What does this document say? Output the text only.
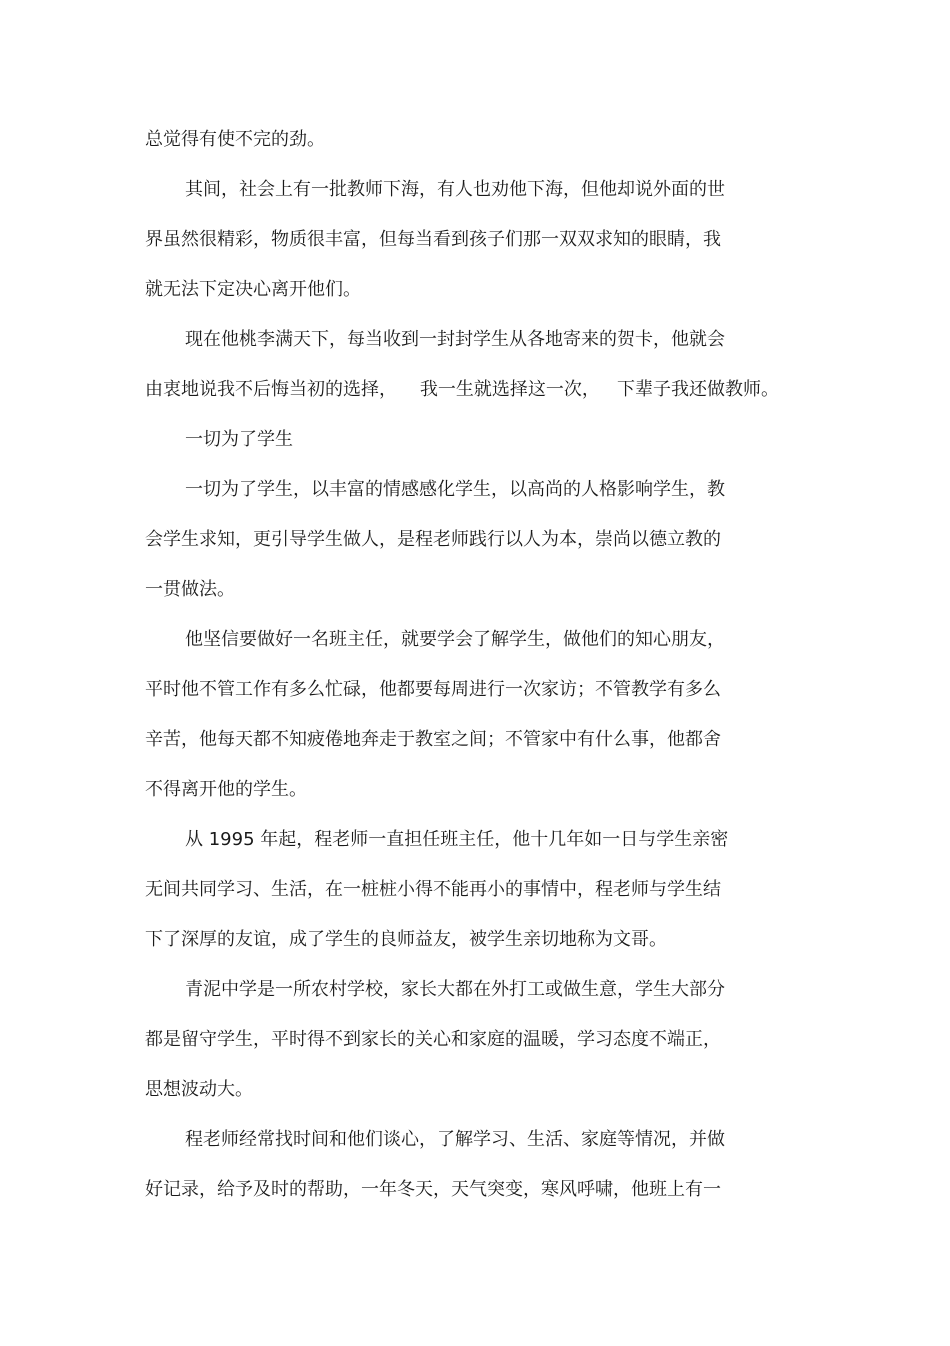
总觉得有使不完的劲。
其间，社会上有一批教师下海，有人也劝他下海，但他却说外面的世
界虽然很精彩，物质很丰富，但每当看到孩子们那一双双求知的眼睛，我
就无法下定决心离开他们。
现在他桃李满天下，每当收到一封封学生从各地寄来的贺卡，他就会
由衷地说我不后悔当初的选择，    我一生就选择这一次，   下辈子我还做教师。
一切为了学生
一切为了学生，以丰富的情感感化学生，以高尚的人格影响学生，教
会学生求知，更引导学生做人，是程老师践行以人为本，崇尚以德立教的
一贯做法。
他坚信要做好一名班主任，就要学会了解学生，做他们的知心朋友，
平时他不管工作有多么忙碌，他都要每周进行一次家访；不管教学有多么
辛苦，他每天都不知疲倦地奔走于教室之间；不管家中有什么事，他都舍
不得离开他的学生。
从 1995 年起，程老师一直担任班主任，他十几年如一日与学生亲密
无间共同学习、生活，在一桩桩小得不能再小的事情中，程老师与学生结
下了深厚的友谊，成了学生的良师益友，被学生亲切地称为文哥。
青泥中学是一所农村学校，家长大都在外打工或做生意，学生大部分
都是留守学生，平时得不到家长的关心和家庭的温暖，学习态度不端正，
思想波动大。
程老师经常找时间和他们谈心，了解学习、生活、家庭等情况，并做
好记录，给予及时的帮助，一年冬天，天气突变，寒风呼啸，他班上有一
